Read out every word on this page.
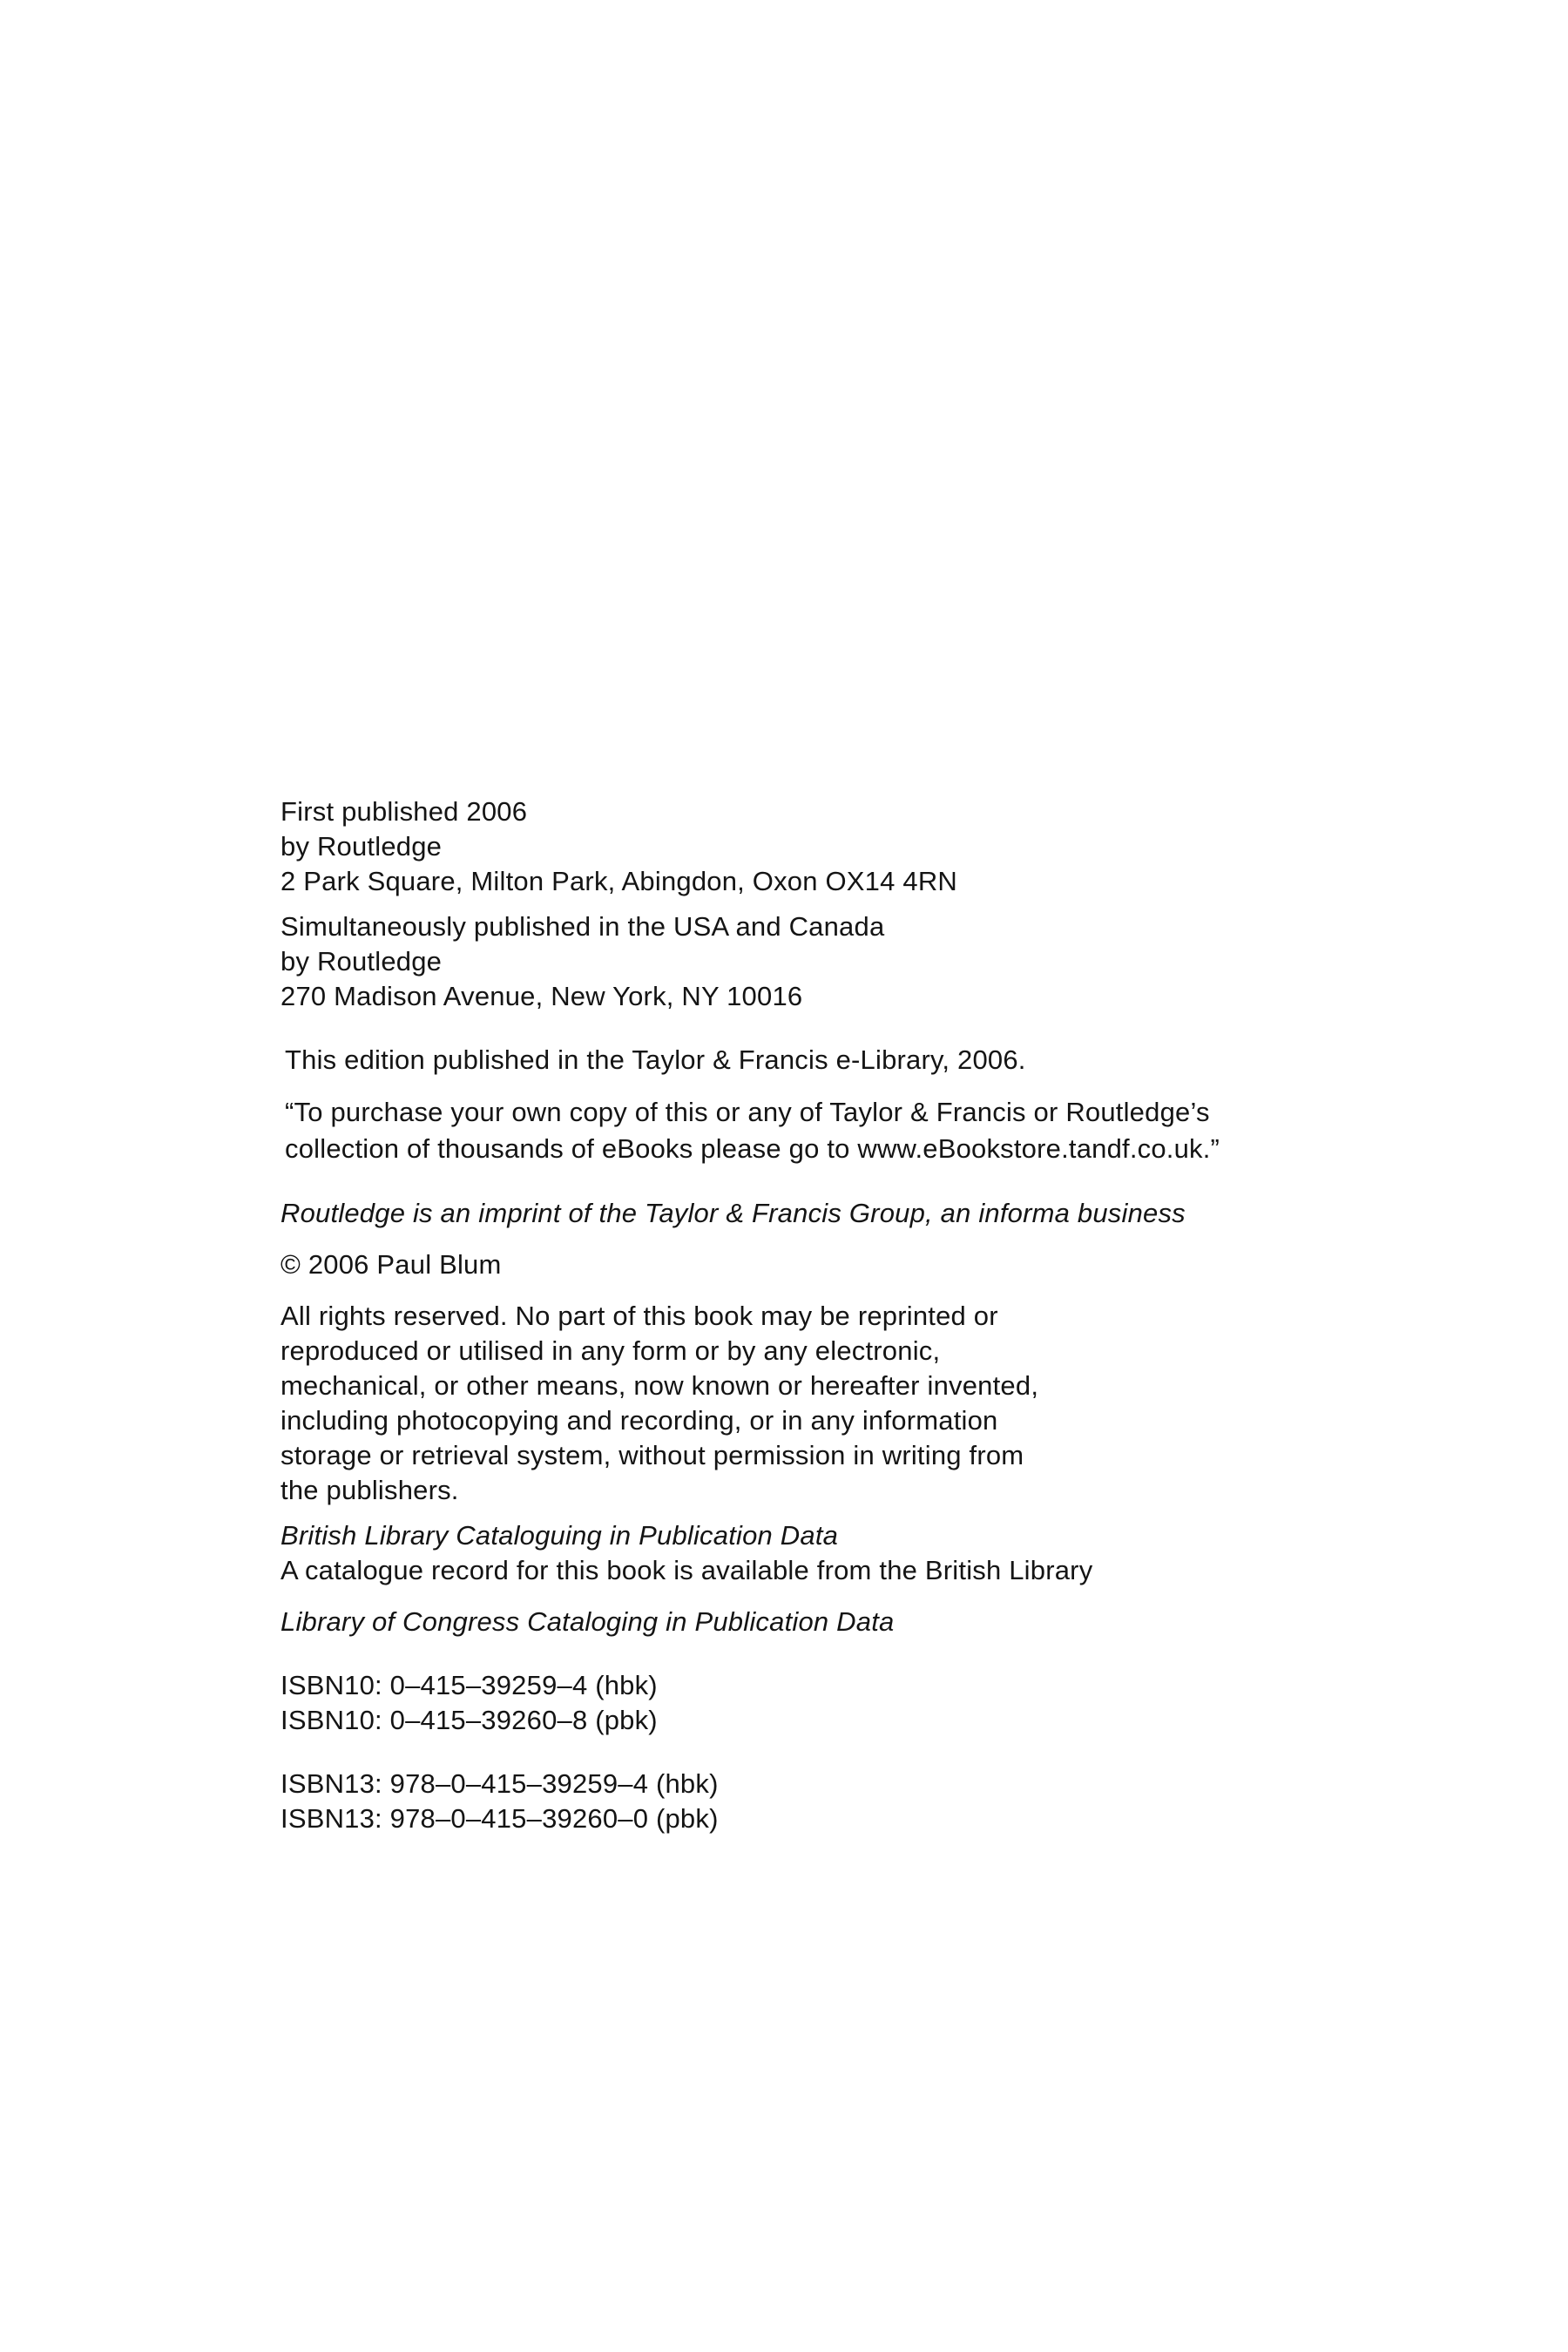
First published 2006
by Routledge
2 Park Square, Milton Park, Abingdon, Oxon OX14 4RN
Simultaneously published in the USA and Canada
by Routledge
270 Madison Avenue, New York, NY 10016
This edition published in the Taylor & Francis e-Library, 2006.
“To purchase your own copy of this or any of Taylor & Francis or Routledge’s
collection of thousands of eBooks please go to www.eBookstore.tandf.co.uk.”
Routledge is an imprint of the Taylor & Francis Group, an informa business
© 2006 Paul Blum
All rights reserved. No part of this book may be reprinted or
reproduced or utilised in any form or by any electronic,
mechanical, or other means, now known or hereafter invented,
including photocopying and recording, or in any information
storage or retrieval system, without permission in writing from
the publishers.
British Library Cataloguing in Publication Data
A catalogue record for this book is available from the British Library
Library of Congress Cataloging in Publication Data
ISBN10: 0–415–39259–4 (hbk)
ISBN10: 0–415–39260–8 (pbk)
ISBN13: 978–0–415–39259–4 (hbk)
ISBN13: 978–0–415–39260–0 (pbk)
